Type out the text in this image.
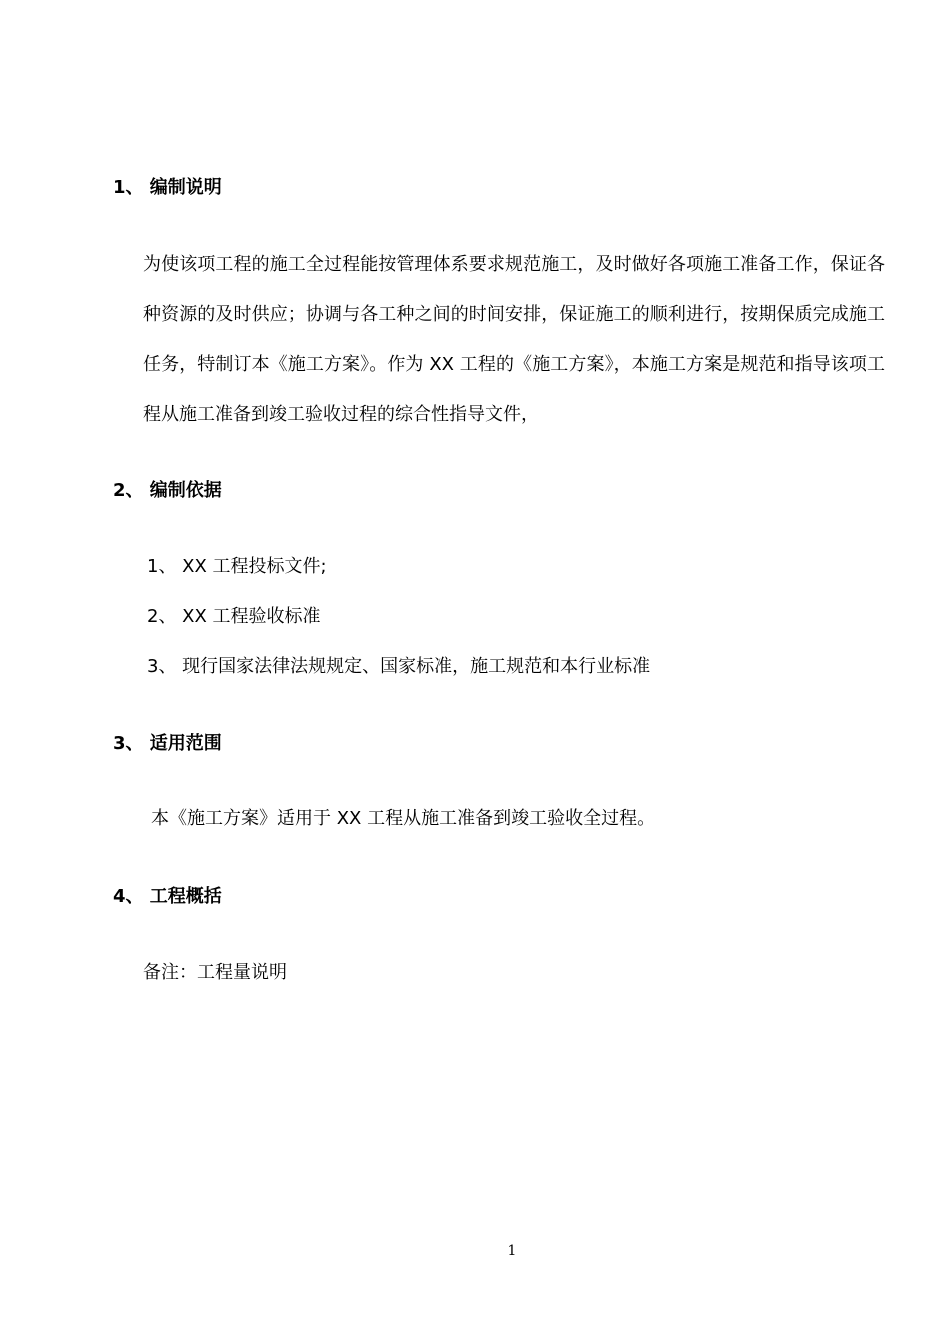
1、 编制说明
为使该项工程的施工全过程能按管理体系要求规范施工，及时做好各项施工准备工作，保证各种资源的及时供应；协调与各工种之间的时间安排，保证施工的顺利进行，按期保质完成施工任务，特制订本《施工方案》。作为 XX 工程的《施工方案》，本施工方案是规范和指导该项工程从施工准备到竣工验收过程的综合性指导文件，
2、 编制依据
1、 XX 工程投标文件;
2、 XX 工程验收标准
3、 现行国家法律法规规定、国家标准，施工规范和本行业标准
3、 适用范围
本《施工方案》适用于 XX 工程从施工准备到竣工验收全过程。
4、 工程概括
备注：工程量说明
1
